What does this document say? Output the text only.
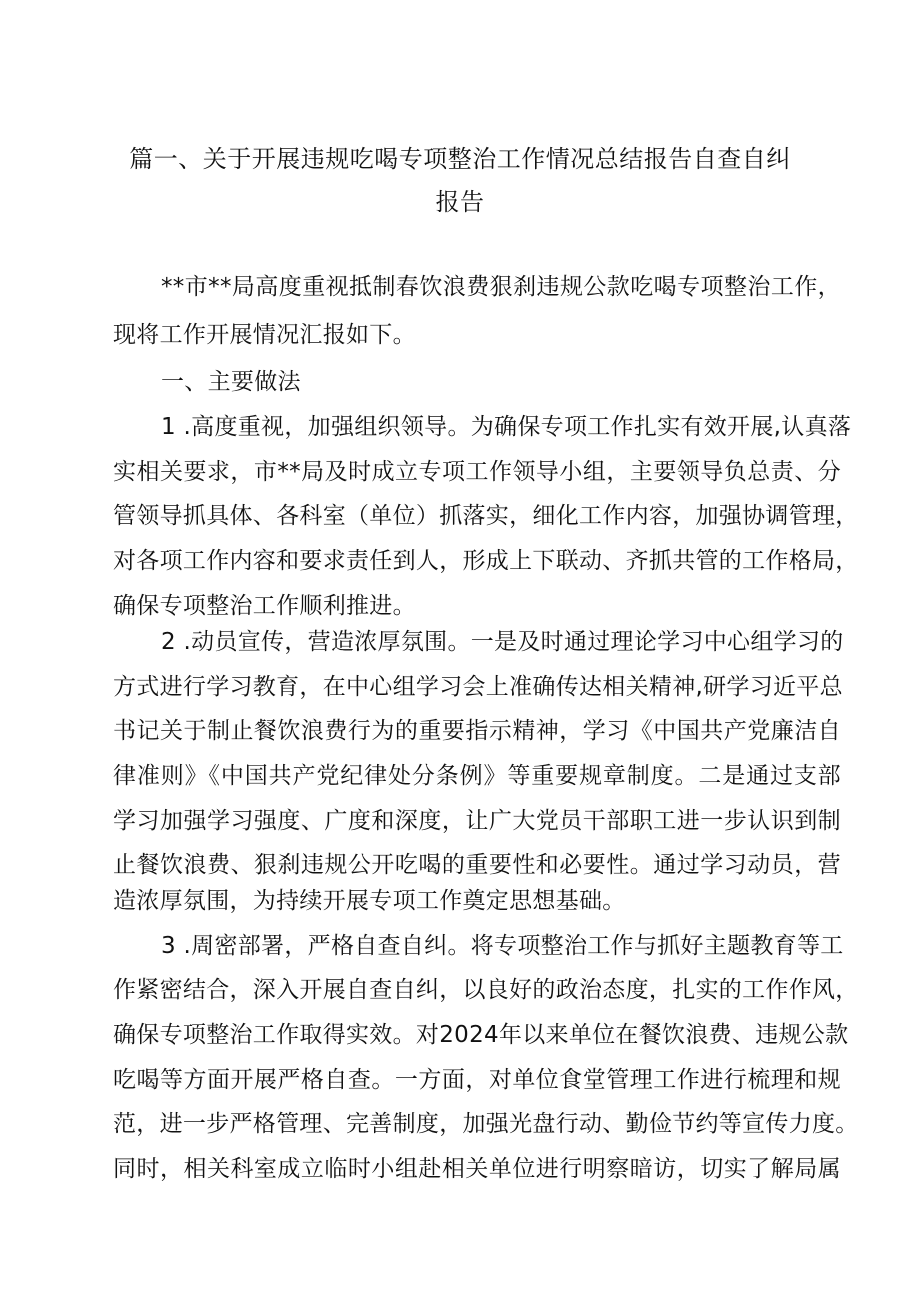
篇一、关于开展违规吃喝专项整治工作情况总结报告自查自纠
报告
**市**局高度重视抵制春饮浪费狠刹违规公款吃喝专项整治工作，
现将工作开展情况汇报如下。
一、主要做法
1 .高度重视，加强组织领导。为确保专项工作扎实有效开展,认真落
实相关要求，市**局及时成立专项工作领导小组，主要领导负总责、分
管领导抓具体、各科室（单位）抓落实，细化工作内容，加强协调管理，
对各项工作内容和要求责任到人，形成上下联动、齐抓共管的工作格局，
确保专项整治工作顺利推进。
2 .动员宣传，营造浓厚氛围。一是及时通过理论学习中心组学习的
方式进行学习教育，在中心组学习会上准确传达相关精神,研学习近平总
书记关于制止餐饮浪费行为的重要指示精神，学习《中国共产党廉洁自
律准则》《中国共产党纪律处分条例》等重要规章制度。二是通过支部
学习加强学习强度、广度和深度，让广大党员干部职工进一步认识到制
止餐饮浪费、狠刹违规公开吃喝的重要性和必要性。通过学习动员，营
造浓厚氛围，为持续开展专项工作奠定思想基础。
3 .周密部署，严格自查自纠。将专项整治工作与抓好主题教育等工
作紧密结合，深入开展自查自纠，以良好的政治态度，扎实的工作作风，
确保专项整治工作取得实效。对2024年以来单位在餐饮浪费、违规公款
吃喝等方面开展严格自查。一方面，对单位食堂管理工作进行梳理和规
范，进一步严格管理、完善制度，加强光盘行动、勤俭节约等宣传力度。
同时，相关科室成立临时小组赴相关单位进行明察暗访，切实了解局属
